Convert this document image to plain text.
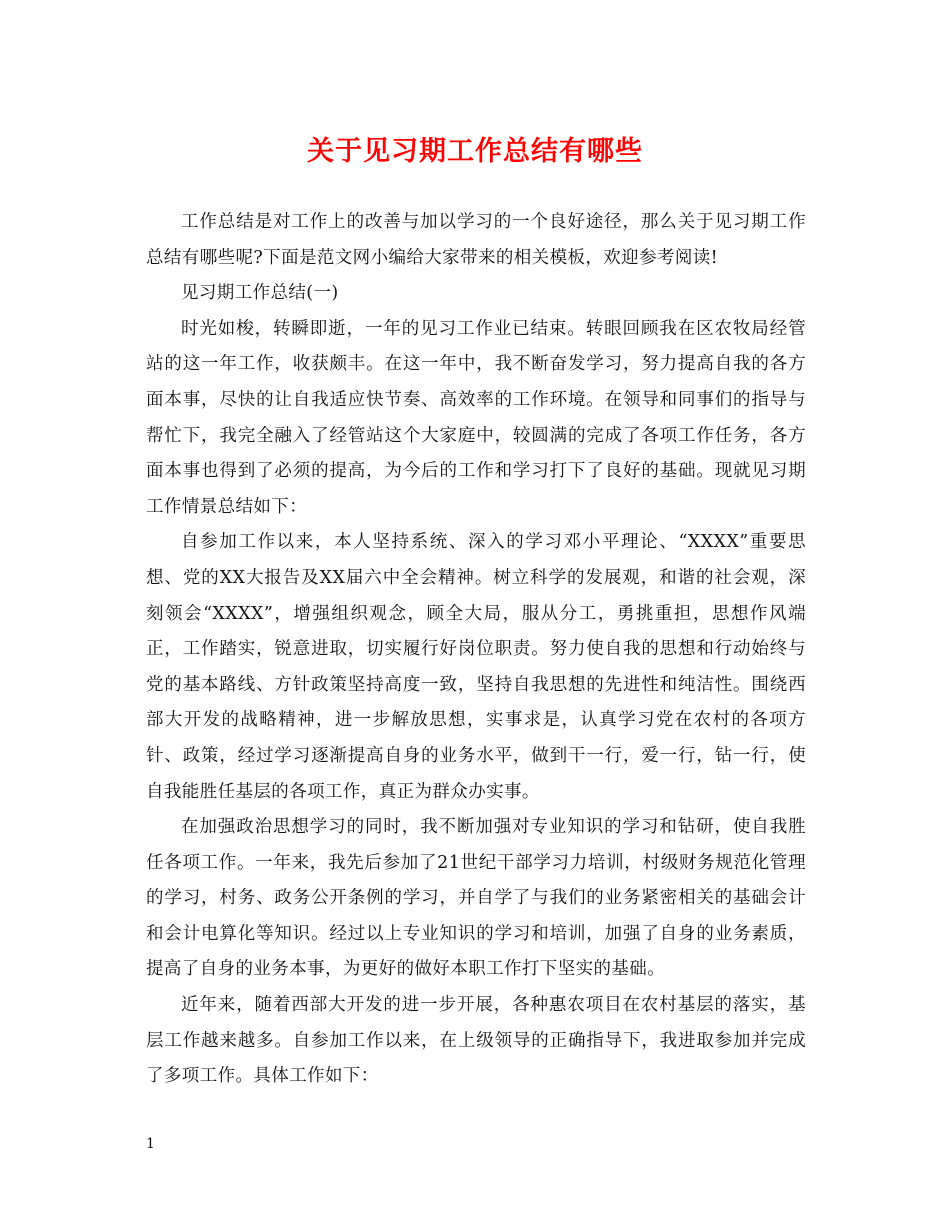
关于见习期工作总结有哪些

工作总结是对工作上的改善与加以学习的一个良好途径，那么关于见习期工作总结有哪些呢?下面是范文网小编给大家带来的相关模板，欢迎参考阅读!

见习期工作总结(一)

时光如梭，转瞬即逝，一年的见习工作业已结束。转眼回顾我在区农牧局经管站的这一年工作，收获颇丰。在这一年中，我不断奋发学习，努力提高自我的各方面本事，尽快的让自我适应快节奏、高效率的工作环境。在领导和同事们的指导与帮忙下，我完全融入了经管站这个大家庭中，较圆满的完成了各项工作任务，各方面本事也得到了必须的提高，为今后的工作和学习打下了良好的基础。现就见习期工作情景总结如下：

自参加工作以来，本人坚持系统、深入的学习邓小平理论、“XXXX”重要思想、党的XX大报告及XX届六中全会精神。树立科学的发展观，和谐的社会观，深刻领会“XXXX”，增强组织观念，顾全大局，服从分工，勇挑重担，思想作风端正，工作踏实，锐意进取，切实履行好岗位职责。努力使自我的思想和行动始终与党的基本路线、方针政策坚持高度一致，坚持自我思想的先进性和纯洁性。围绕西部大开发的战略精神，进一步解放思想，实事求是，认真学习党在农村的各项方针、政策，经过学习逐渐提高自身的业务水平，做到干一行，爱一行，钻一行，使自我能胜任基层的各项工作，真正为群众办实事。

在加强政治思想学习的同时，我不断加强对专业知识的学习和钻研，使自我胜任各项工作。一年来，我先后参加了21世纪干部学习力培训，村级财务规范化管理的学习，村务、政务公开条例的学习，并自学了与我们的业务紧密相关的基础会计和会计电算化等知识。经过以上专业知识的学习和培训，加强了自身的业务素质，提高了自身的业务本事，为更好的做好本职工作打下坚实的基础。

近年来，随着西部大开发的进一步开展，各种惠农项目在农村基层的落实，基层工作越来越多。自参加工作以来，在上级领导的正确指导下，我进取参加并完成了多项工作。具体工作如下：

1
